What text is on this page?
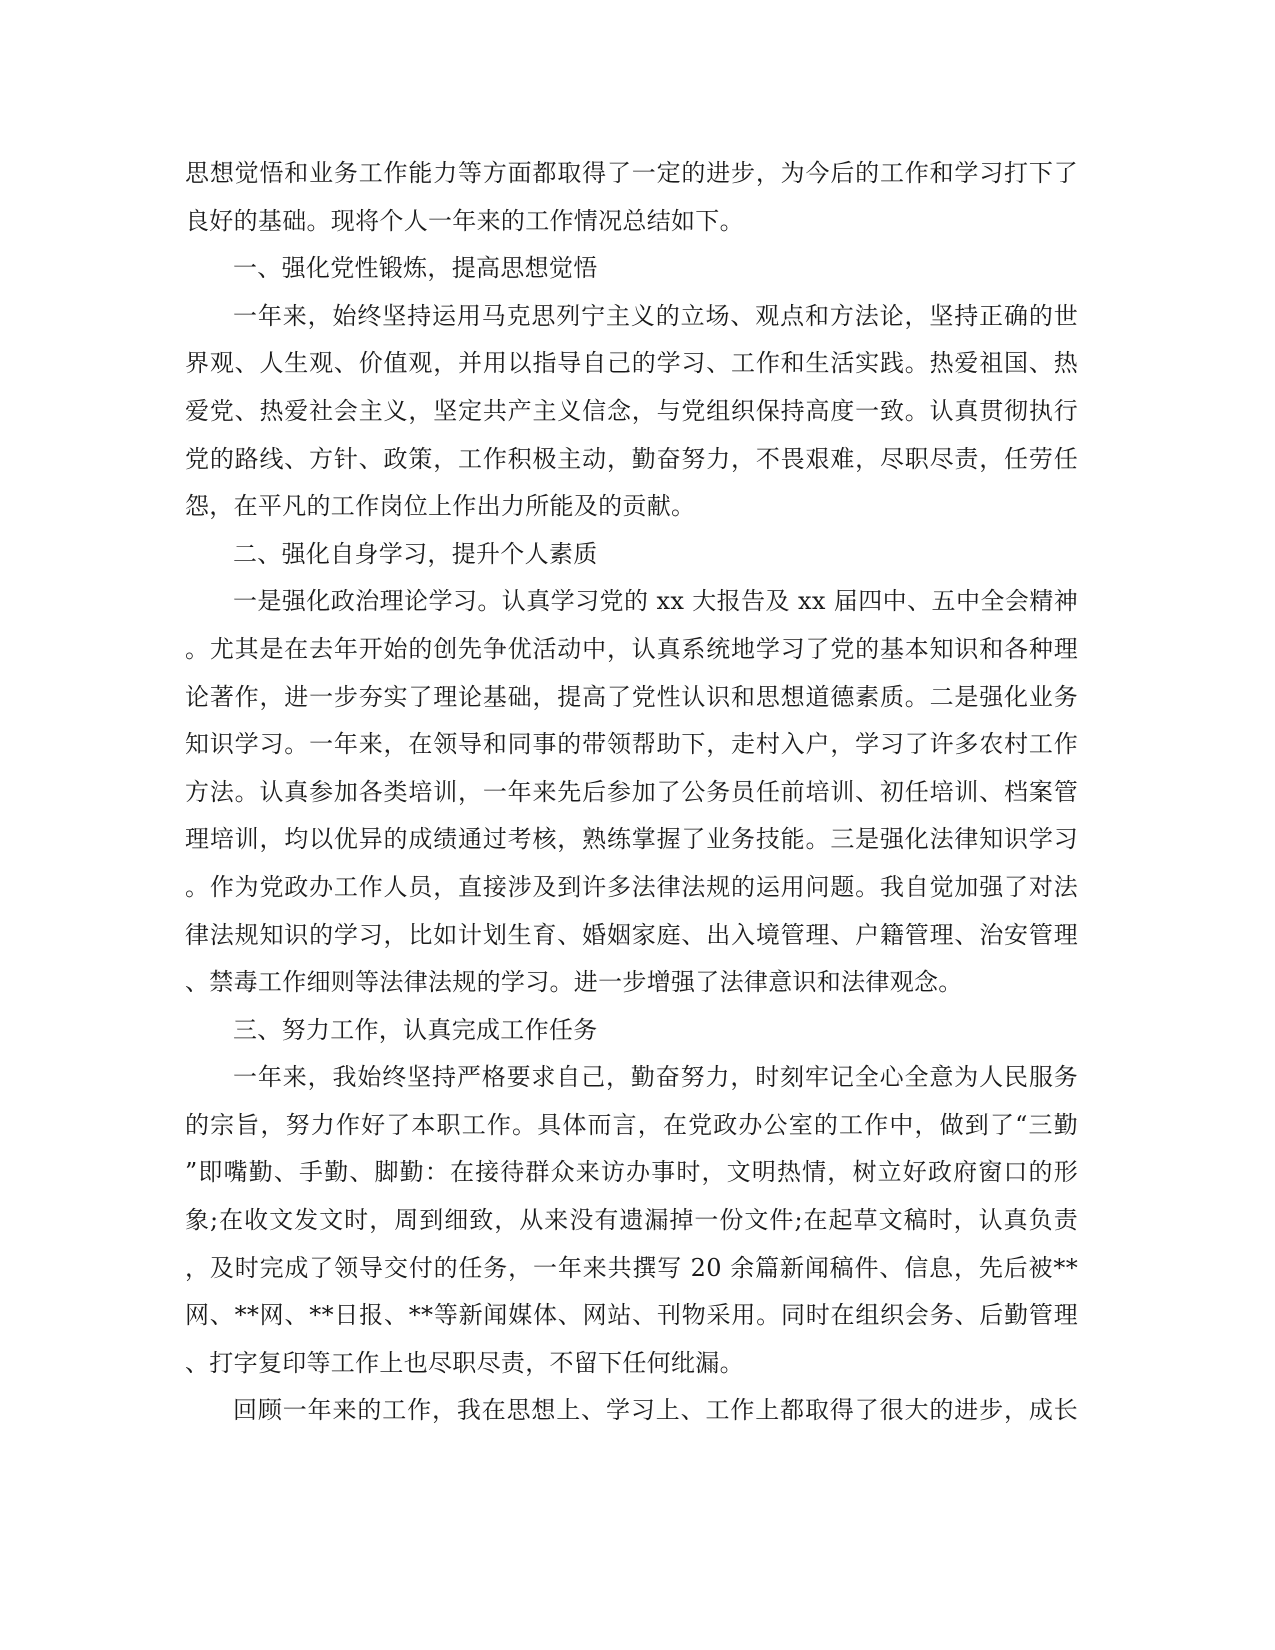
思想觉悟和业务工作能力等方面都取得了一定的进步，为今后的工作和学习打下了
良好的基础。现将个人一年来的工作情况总结如下。
一、强化党性锻炼，提高思想觉悟
一年来，始终坚持运用马克思列宁主义的立场、观点和方法论，坚持正确的世
界观、人生观、价值观，并用以指导自己的学习、工作和生活实践。热爱祖国、热
爱党、热爱社会主义，坚定共产主义信念，与党组织保持高度一致。认真贯彻执行
党的路线、方针、政策，工作积极主动，勤奋努力，不畏艰难，尽职尽责，任劳任
怨，在平凡的工作岗位上作出力所能及的贡献。
二、强化自身学习，提升个人素质
一是强化政治理论学习。认真学习党的 xx 大报告及 xx 届四中、五中全会精神
。尤其是在去年开始的创先争优活动中，认真系统地学习了党的基本知识和各种理
论著作，进一步夯实了理论基础，提高了党性认识和思想道德素质。二是强化业务
知识学习。一年来，在领导和同事的带领帮助下，走村入户，学习了许多农村工作
方法。认真参加各类培训，一年来先后参加了公务员任前培训、初任培训、档案管
理培训，均以优异的成绩通过考核，熟练掌握了业务技能。三是强化法律知识学习
。作为党政办工作人员，直接涉及到许多法律法规的运用问题。我自觉加强了对法
律法规知识的学习，比如计划生育、婚姻家庭、出入境管理、户籍管理、治安管理
、禁毒工作细则等法律法规的学习。进一步增强了法律意识和法律观念。
三、努力工作，认真完成工作任务
一年来，我始终坚持严格要求自己，勤奋努力，时刻牢记全心全意为人民服务
的宗旨，努力作好了本职工作。具体而言，在党政办公室的工作中，做到了“三勤
”即嘴勤、手勤、脚勤：在接待群众来访办事时，文明热情，树立好政府窗口的形
象;在收文发文时，周到细致，从来没有遗漏掉一份文件;在起草文稿时，认真负责
，及时完成了领导交付的任务，一年来共撰写 20 余篇新闻稿件、信息，先后被**
网、**网、**日报、**等新闻媒体、网站、刊物采用。同时在组织会务、后勤管理
、打字复印等工作上也尽职尽责，不留下任何纰漏。
回顾一年来的工作，我在思想上、学习上、工作上都取得了很大的进步，成长
